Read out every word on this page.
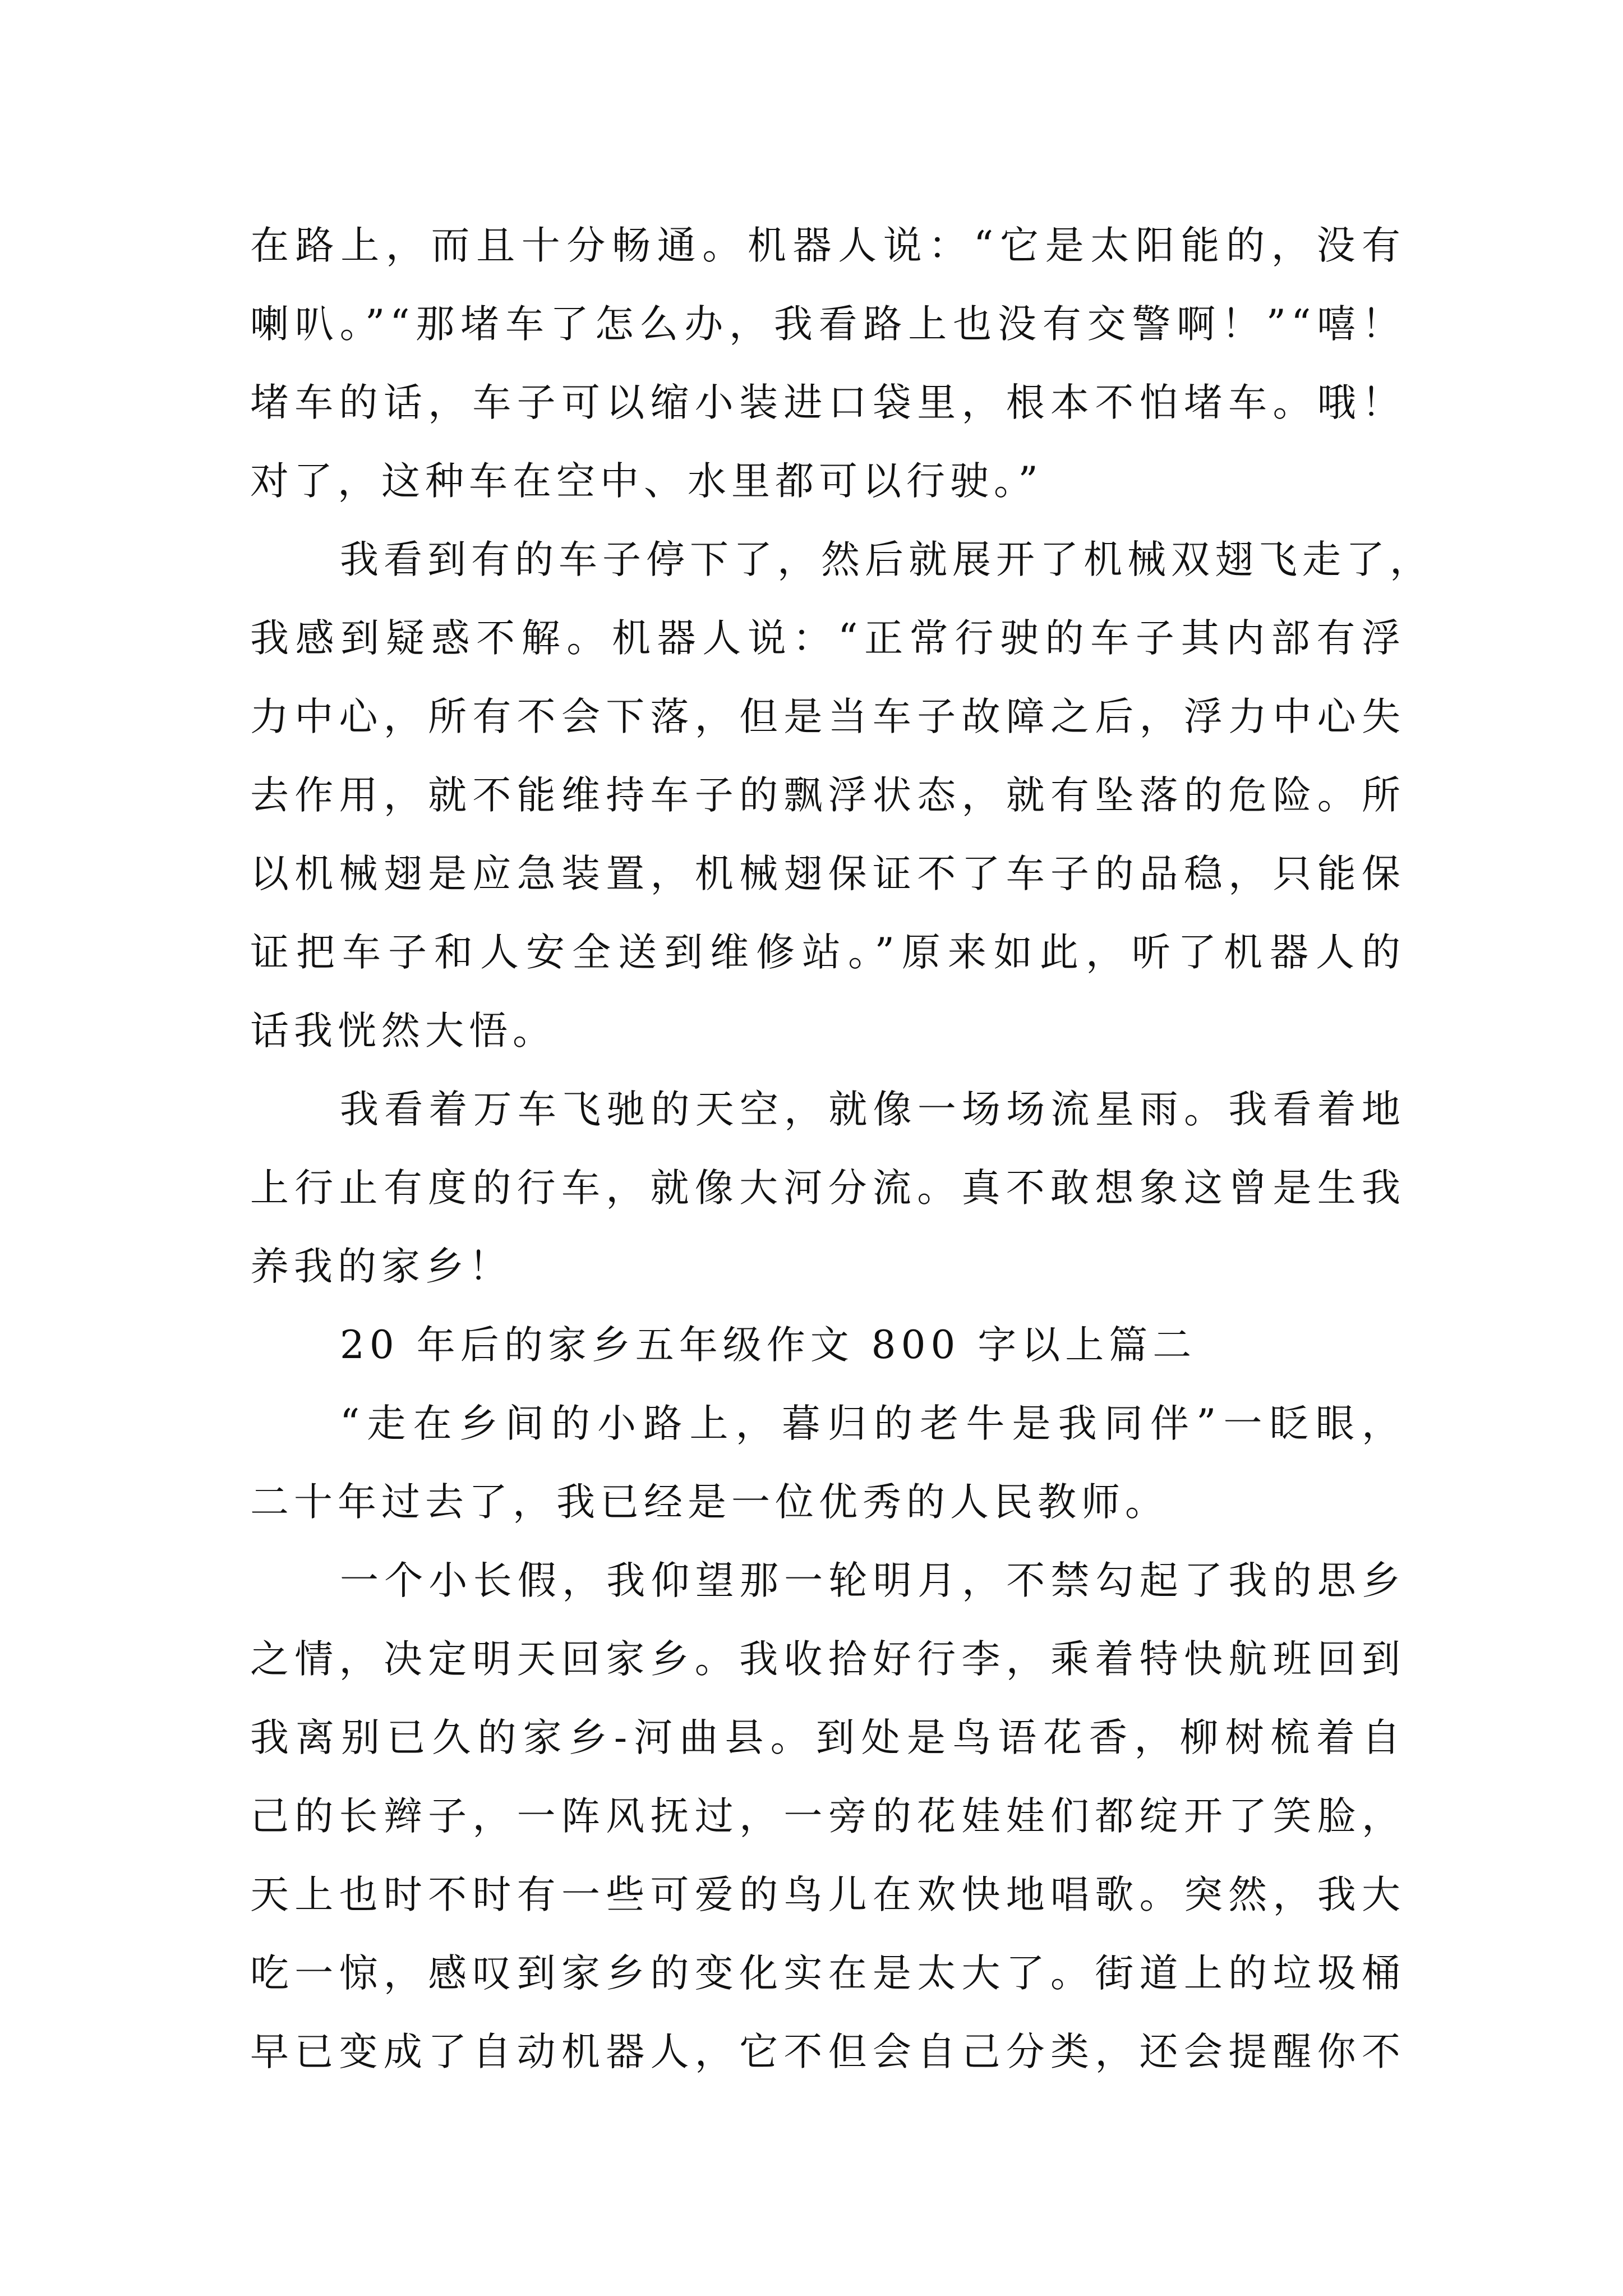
在路上，而且十分畅通。机器人说：“它是太阳能的，没有

喇叭。”“那堵车了怎么办，我看路上也没有交警啊！”“嘻！

堵车的话，车子可以缩小装进口袋里，根本不怕堵车。哦！

对了，这种车在空中、水里都可以行驶。”

我看到有的车子停下了，然后就展开了机械双翅飞走了，

我感到疑惑不解。机器人说：“正常行驶的车子其内部有浮

力中心，所有不会下落，但是当车子故障之后，浮力中心失

去作用，就不能维持车子的飘浮状态，就有坠落的危险。所

以机械翅是应急装置，机械翅保证不了车子的品稳，只能保

证把车子和人安全送到维修站。”原来如此，听了机器人的

话我恍然大悟。

我看着万车飞驰的天空，就像一场场流星雨。我看着地

上行止有度的行车，就像大河分流。真不敢想象这曾是生我

养我的家乡！

20 年后的家乡五年级作文 800 字以上篇二

“走在乡间的小路上，暮归的老牛是我同伴”一眨眼，

二十年过去了，我已经是一位优秀的人民教师。

一个小长假，我仰望那一轮明月，不禁勾起了我的思乡

之情，决定明天回家乡。我收拾好行李，乘着特快航班回到

我离别已久的家乡-河曲县。到处是鸟语花香，柳树梳着自

己的长辫子，一阵风抚过，一旁的花娃娃们都绽开了笑脸，

天上也时不时有一些可爱的鸟儿在欢快地唱歌。突然，我大

吃一惊，感叹到家乡的变化实在是太大了。街道上的垃圾桶

早已变成了自动机器人，它不但会自己分类，还会提醒你不
